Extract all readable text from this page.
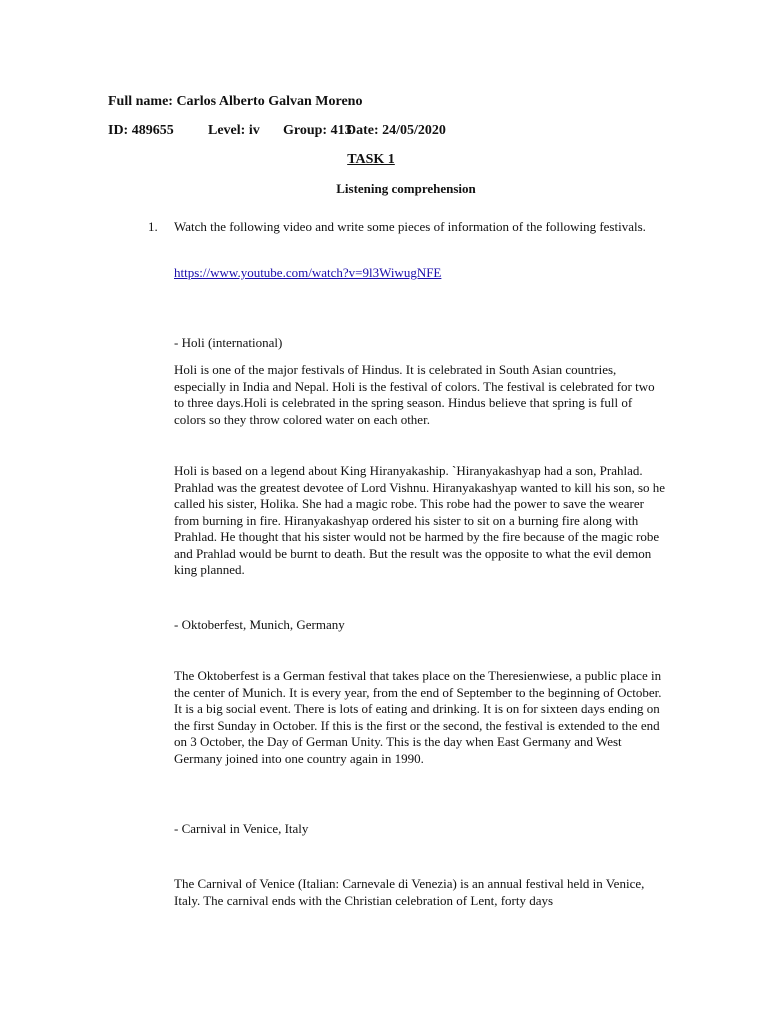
Full name: Carlos Alberto Galvan Moreno
ID: 489655 Level: iv Group: 413Date: 24/05/2020
TASK 1
Listening comprehension
1. Watch the following video and write some pieces of information of the following festivals.
https://www.youtube.com/watch?v=9l3WiwugNFE
- Holi (international)
Holi is one of the major festivals of Hindus. It is celebrated in South Asian countries, especially in India and Nepal. Holi is the festival of colors. The festival is celebrated for two to three days.Holi is celebrated in the spring season. Hindus believe that spring is full of colors so they throw colored water on each other.
Holi is based on a legend about King Hiranyakaship. `Hiranyakashyap had a son, Prahlad. Prahlad was the greatest devotee of Lord Vishnu. Hiranyakashyap wanted to kill his son, so he called his sister, Holika. She had a magic robe. This robe had the power to save the wearer from burning in fire. Hiranyakashyap ordered his sister to sit on a burning fire along with Prahlad. He thought that his sister would not be harmed by the fire because of the magic robe and Prahlad would be burnt to death. But the result was the opposite to what the evil demon king planned.
- Oktoberfest, Munich, Germany
The Oktoberfest is a German festival that takes place on the Theresienwiese, a public place in the center of Munich. It is every year, from the end of September to the beginning of October. It is a big social event. There is lots of eating and drinking. It is on for sixteen days ending on the first Sunday in October. If this is the first or the second, the festival is extended to the end on 3 October, the Day of German Unity. This is the day when East Germany and West Germany joined into one country again in 1990.
- Carnival in Venice, Italy
The Carnival of Venice (Italian: Carnevale di Venezia) is an annual festival held in Venice, Italy. The carnival ends with the Christian celebration of Lent, forty days
